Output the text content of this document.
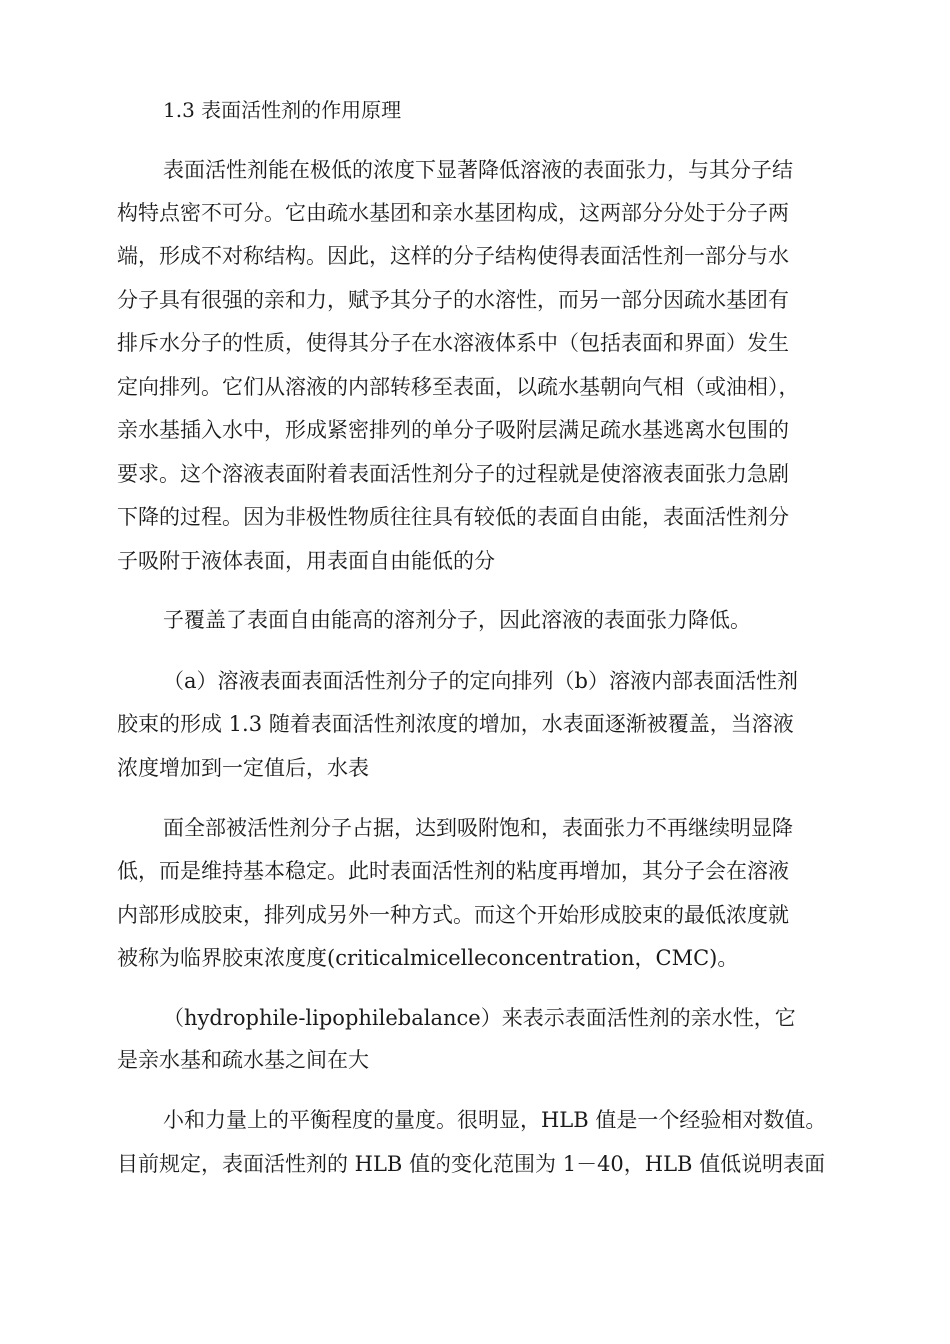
1.3 表面活性剂的作用原理
表面活性剂能在极低的浓度下显著降低溶液的表面张力，与其分子结
构特点密不可分。它由疏水基团和亲水基团构成，这两部分分处于分子两
端，形成不对称结构。因此，这样的分子结构使得表面活性剂一部分与水
分子具有很强的亲和力，赋予其分子的水溶性，而另一部分因疏水基团有
排斥水分子的性质，使得其分子在水溶液体系中（包括表面和界面）发生
定向排列。它们从溶液的内部转移至表面，以疏水基朝向气相（或油相），
亲水基插入水中，形成紧密排列的单分子吸附层满足疏水基逃离水包围的
要求。这个溶液表面附着表面活性剂分子的过程就是使溶液表面张力急剧
下降的过程。因为非极性物质往往具有较低的表面自由能，表面活性剂分
子吸附于液体表面，用表面自由能低的分
子覆盖了表面自由能高的溶剂分子，因此溶液的表面张力降低。
（a）溶液表面表面活性剂分子的定向排列（b）溶液内部表面活性剂
胶束的形成 1.3 随着表面活性剂浓度的增加，水表面逐渐被覆盖，当溶液
浓度增加到一定值后，水表
面全部被活性剂分子占据，达到吸附饱和，表面张力不再继续明显降
低，而是维持基本稳定。此时表面活性剂的粘度再增加，其分子会在溶液
内部形成胶束，排列成另外一种方式。而这个开始形成胶束的最低浓度就
被称为临界胶束浓度度(criticalmicelleconcentration，CMC)。
（hydrophile-lipophilebalance）来表示表面活性剂的亲水性，它
是亲水基和疏水基之间在大
小和力量上的平衡程度的量度。很明显，HLB 值是一个经验相对数值。
目前规定，表面活性剂的 HLB 值的变化范围为 1－40，HLB 值低说明表面
